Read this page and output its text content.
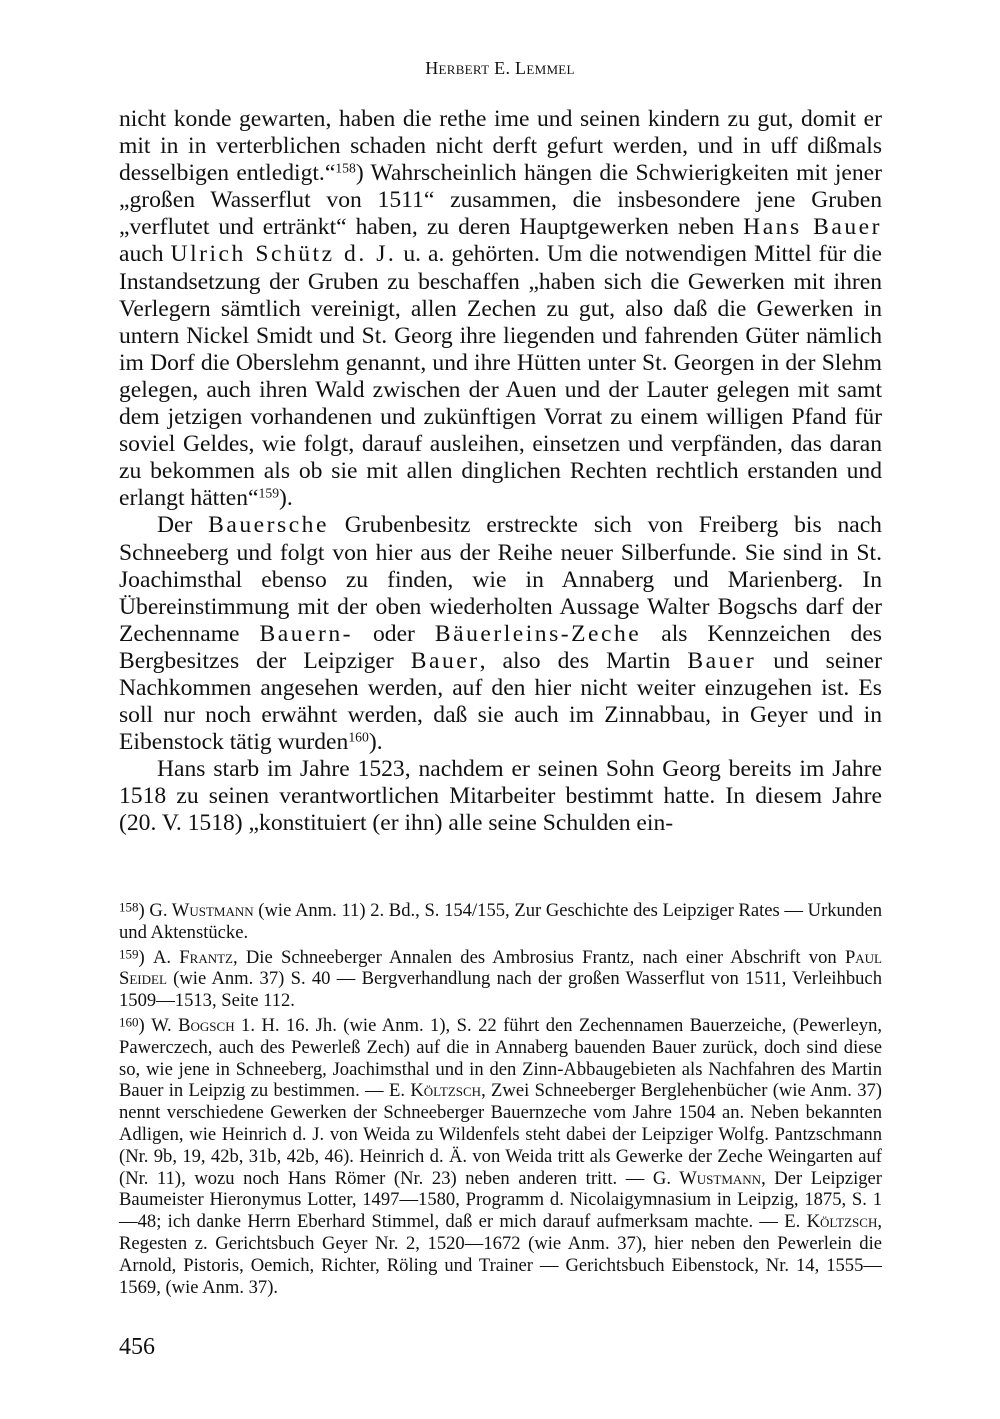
Herbert E. Lemmel

nicht konde gewarten, haben die rethe ime und seinen kindern zu gut, domit er mit in in verterblichen schaden nicht derft gefurt werden, und in uff dißmals desselbigen entledigt.“$^{158}$) Wahrscheinlich hängen die Schwierigkeiten mit jener „großen Wasserflut von 1511“ zusammen, die insbesondere jene Gruben „verflutet und ertränkt“ haben, zu deren Hauptgewerken neben Hans Bauer auch Ulrich Schütz d. J. u. a. gehörten. Um die notwendigen Mittel für die Instandsetzung der Gruben zu beschaffen „haben sich die Gewerken mit ihren Verlegern sämtlich vereinigt, allen Zechen zu gut, also daß die Gewerken in untern Nickel Smidt und St. Georg ihre liegenden und fahrenden Güter nämlich im Dorf die Oberslehm genannt, und ihre Hütten unter St. Georgen in der Slehm gelegen, auch ihren Wald zwischen der Auen und der Lauter gelegen mit samt dem jetzigen vorhandenen und zukünftigen Vorrat zu einem willigen Pfand für soviel Geldes, wie folgt, darauf ausleihen, einsetzen und verpfänden, das daran zu bekommen als ob sie mit allen dinglichen Rechten rechtlich erstanden und erlangt hätten“$^{159}$).

Der Bauersche Grubenbesitz erstreckte sich von Freiberg bis nach Schneeberg und folgt von hier aus der Reihe neuer Silberfunde. Sie sind in St. Joachimsthal ebenso zu finden, wie in Annaberg und Marienberg. In Übereinstimmung mit der oben wiederholten Aussage Walter Bogschs darf der Zechenname Bauern- oder Bäuerleins-Zeche als Kennzeichen des Bergbesitzes der Leipziger Bauer, also des Martin Bauer und seiner Nachkommen angesehen werden, auf den hier nicht weiter einzugehen ist. Es soll nur noch erwähnt werden, daß sie auch im Zinnabbau, in Geyer und in Eibenstock tätig wurden$^{160}$).

Hans starb im Jahre 1523, nachdem er seinen Sohn Georg bereits im Jahre 1518 zu seinen verantwortlichen Mitarbeiter bestimmt hatte. In diesem Jahre (20. V. 1518) „konstituiert (er ihn) alle seine Schulden ein-

$^{158}$) G. Wustmann (wie Anm. 11) 2. Bd., S. 154/155, Zur Geschichte des Leipziger Rates — Urkunden und Aktenstücke.

$^{159}$) A. Frantz, Die Schneeberger Annalen des Ambrosius Frantz, nach einer Abschrift von Paul Seidel (wie Anm. 37) S. 40 — Bergverhandlung nach der großen Wasserflut von 1511, Verleihbuch 1509—1513, Seite 112.

$^{160}$) W. Bogsch 1. H. 16. Jh. (wie Anm. 1), S. 22 führt den Zechennamen Bauerzeiche, (Pewerleyn, Pawerczech, auch des Pewerleß Zech) auf die in Annaberg bauenden Bauer zurück, doch sind diese so, wie jene in Schneeberg, Joachimsthal und in den Zinn-Abbaugebieten als Nachfahren des Martin Bauer in Leipzig zu bestimmen. — E. Költzsch, Zwei Schneeberger Berglehenbücher (wie Anm. 37) nennt verschiedene Gewerken der Schneeberger Bauernzeche vom Jahre 1504 an. Neben bekannten Adligen, wie Heinrich d. J. von Weida zu Wildenfels steht dabei der Leipziger Wolfg. Pantzschmann (Nr. 9b, 19, 42b, 31b, 42b, 46). Heinrich d. Ä. von Weida tritt als Gewerke der Zeche Weingarten auf (Nr. 11), wozu noch Hans Römer (Nr. 23) neben anderen tritt. — G. Wustmann, Der Leipziger Baumeister Hieronymus Lotter, 1497—1580, Programm d. Nicolaigymnasium in Leipzig, 1875, S. 1—48; ich danke Herrn Eberhard Stimmel, daß er mich darauf aufmerksam machte. — E. Költzsch, Regesten z. Gerichtsbuch Geyer Nr. 2, 1520—1672 (wie Anm. 37), hier neben den Pewerlein die Arnold, Pistoris, Oemich, Richter, Röling und Trainer — Gerichtsbuch Eibenstock, Nr. 14, 1555—1569, (wie Anm. 37).

456
